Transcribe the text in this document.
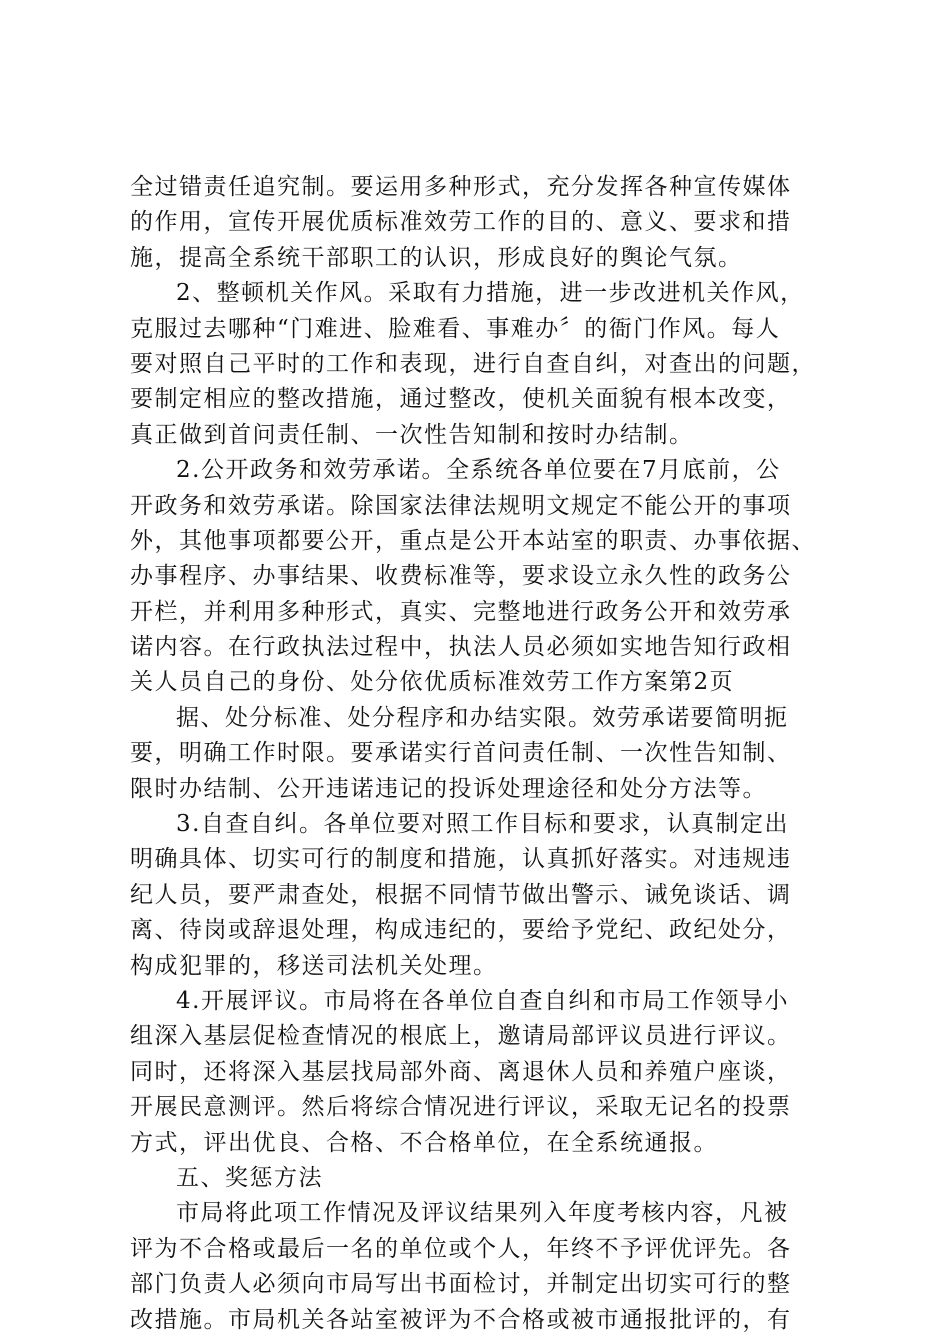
全过错责任追究制。要运用多种形式，充分发挥各种宣传媒体
的作用，宣传开展优质标准效劳工作的目的、意义、要求和措
施，提高全系统干部职工的认识，形成良好的舆论气氛。
2、整顿机关作风。采取有力措施，进一步改进机关作风，
克服过去哪种“门难进、脸难看、事难办〞的衙门作风。每人
要对照自己平时的工作和表现，进行自查自纠，对查出的问题，
要制定相应的整改措施，通过整改，使机关面貌有根本改变，
真正做到首问责任制、一次性告知制和按时办结制。
2.公开政务和效劳承诺。全系统各单位要在7月底前，公
开政务和效劳承诺。除国家法律法规明文规定不能公开的事项
外，其他事项都要公开，重点是公开本站室的职责、办事依据、
办事程序、办事结果、收费标准等，要求设立永久性的政务公
开栏，并利用多种形式，真实、完整地进行政务公开和效劳承
诺内容。在行政执法过程中，执法人员必须如实地告知行政相
关人员自己的身份、处分依优质标准效劳工作方案第2页
据、处分标准、处分程序和办结实限。效劳承诺要简明扼
要，明确工作时限。要承诺实行首问责任制、一次性告知制、
限时办结制、公开违诺违记的投诉处理途径和处分方法等。
3.自查自纠。各单位要对照工作目标和要求，认真制定出
明确具体、切实可行的制度和措施，认真抓好落实。对违规违
纪人员，要严肃查处，根据不同情节做出警示、诫免谈话、调
离、待岗或辞退处理，构成违纪的，要给予党纪、政纪处分，
构成犯罪的，移送司法机关处理。
4.开展评议。市局将在各单位自查自纠和市局工作领导小
组深入基层促检查情况的根底上，邀请局部评议员进行评议。
同时，还将深入基层找局部外商、离退休人员和养殖户座谈，
开展民意测评。然后将综合情况进行评议，采取无记名的投票
方式，评出优良、合格、不合格单位，在全系统通报。
五、奖惩方法
市局将此项工作情况及评议结果列入年度考核内容，凡被
评为不合格或最后一名的单位或个人，年终不予评优评先。各
部门负责人必须向市局写出书面检讨，并制定出切实可行的整
改措施。市局机关各站室被评为不合格或被市通报批评的，有
